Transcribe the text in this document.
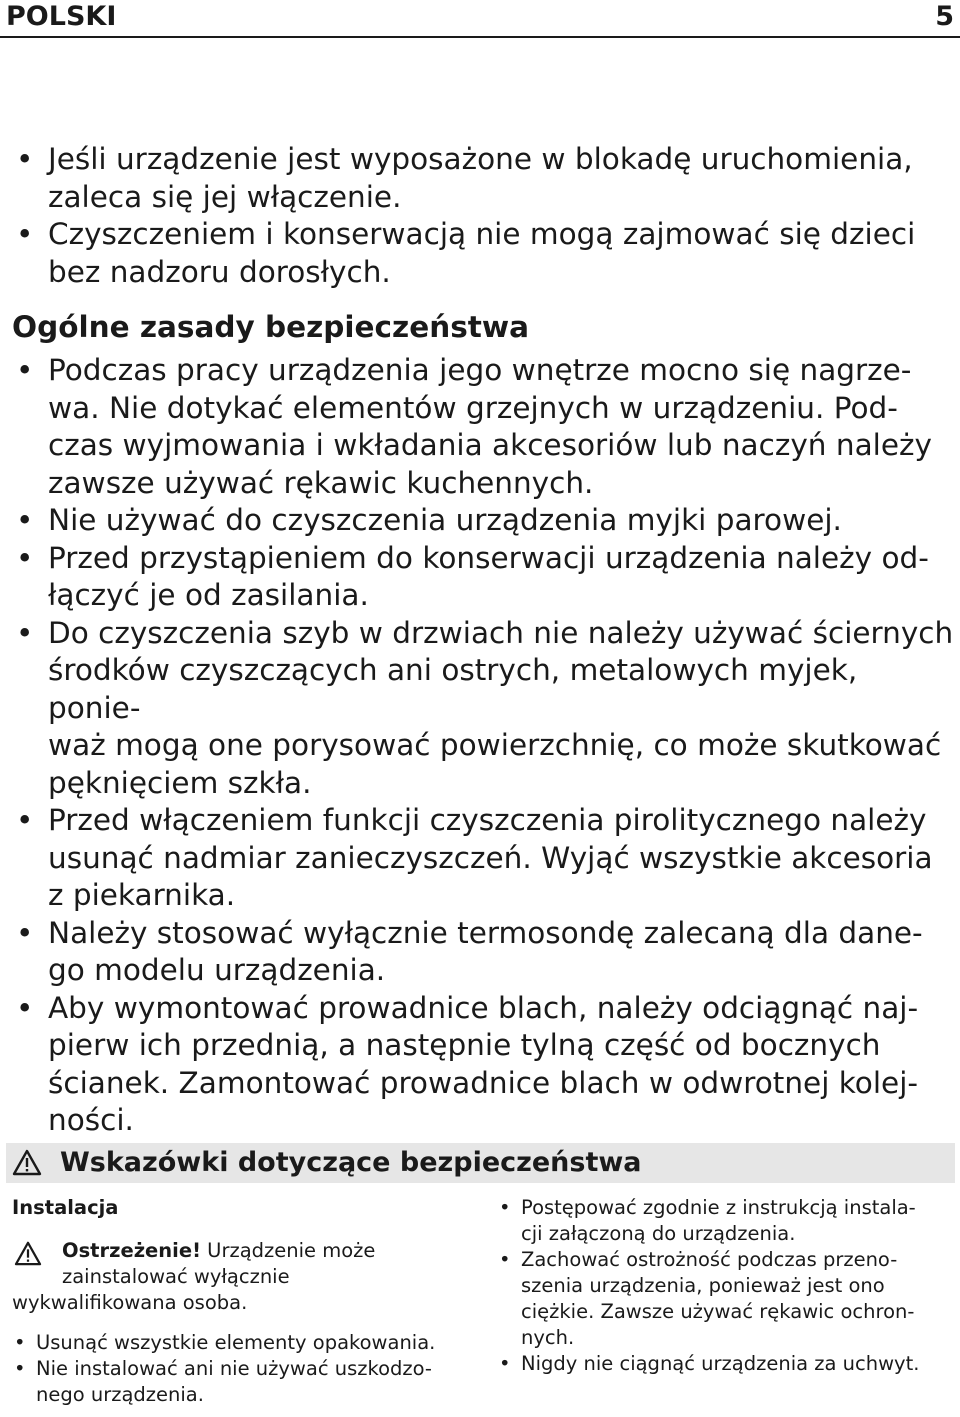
POLSKI	5
• Jeśli urządzenie jest wyposażone w blokadę uruchomienia,
zaleca się jej włączenie.
• Czyszczeniem i konserwacją nie mogą zajmować się dzieci
bez nadzoru dorosłych.
Ogólne zasady bezpieczeństwa
• Podczas pracy urządzenia jego wnętrze mocno się nagrze-
wa. Nie dotykać elementów grzejnych w urządzeniu. Pod-
czas wyjmowania i wkładania akcesoriów lub naczyń należy
zawsze używać rękawic kuchennych.
• Nie używać do czyszczenia urządzenia myjki parowej.
• Przed przystąpieniem do konserwacji urządzenia należy od-
łączyć je od zasilania.
• Do czyszczenia szyb w drzwiach nie należy używać ściernych
środków czyszczących ani ostrych, metalowych myjek, ponie-
waż mogą one porysować powierzchnię, co może skutkować
pęknięciem szkła.
• Przed włączeniem funkcji czyszczenia pirolitycznego należy
usunąć nadmiar zanieczyszczeń. Wyjąć wszystkie akcesoria
z piekarnika.
• Należy stosować wyłącznie termosondę zalecaną dla dane-
go modelu urządzenia.
• Aby wymontować prowadnice blach, należy odciągnąć naj-
pierw ich przednią, a następnie tylną część od bocznych
ścianek. Zamontować prowadnice blach w odwrotnej kolej-
ności.
Wskazówki dotyczące bezpieczeństwa
Instalacja
Ostrzeżenie! Urządzenie może
zainstalować wyłącznie
wykwalifikowana osoba.
• Usunąć wszystkie elementy opakowania.
• Nie instalować ani nie używać uszkodzo-
nego urządzenia.
• Postępować zgodnie z instrukcją instala-
cji załączoną do urządzenia.
• Zachować ostrożność podczas przeno-
szenia urządzenia, ponieważ jest ono
ciężkie. Zawsze używać rękawic ochron-
nych.
• Nigdy nie ciągnąć urządzenia za uchwyt.
